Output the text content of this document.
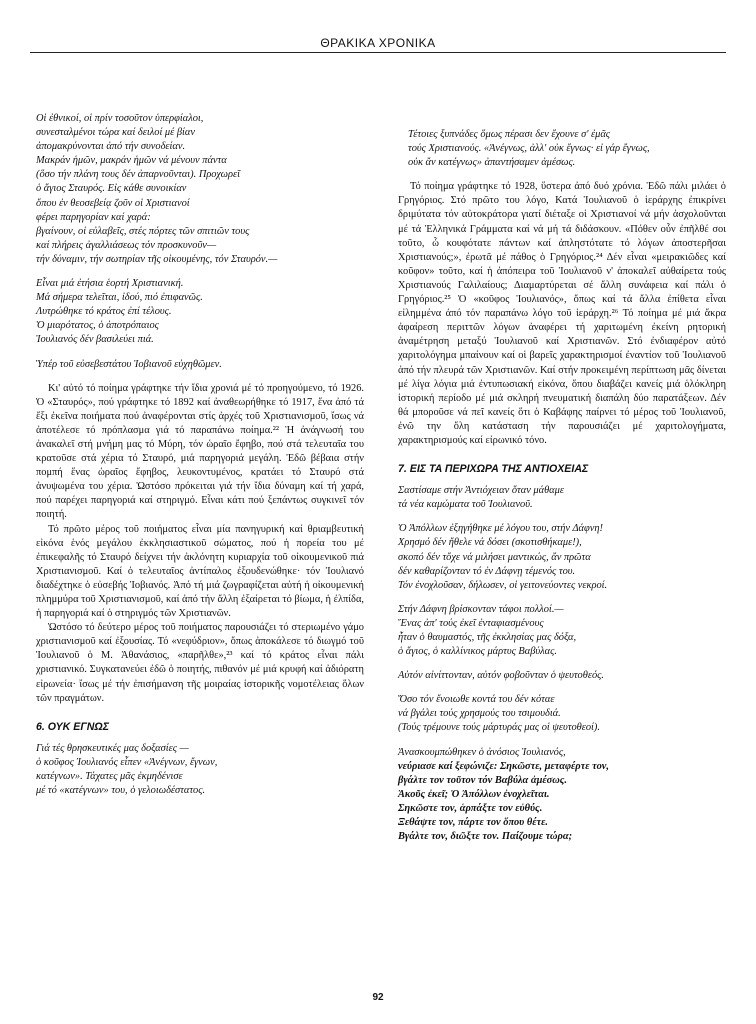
ΘΡΑΚΙΚΑ ΧΡΟΝΙΚΑ
Οἱ ἐθνικοί, οἱ πρίν τοσοῦτον ὑπερφίαλοι,
συνεσταλμένοι τώρα καί δειλοί μέ βίαν
ἀπομακρύνονται ἀπό τήν συνοδείαν.
Μακράν ἡμῶν, μακράν ἡμῶν νά μένουν πάντα
(ὅσο τήν πλάνη τους δέν ἀπαρνοῦνται). Προχωρεῖ
ὁ ἅγιος Σταυρός. Εἰς κάθε συνοικίαν
ὅπου ἐν θεοσεβείᾳ ζοῦν οἱ Χριστιανοί
φέρει παρηγορίαν καί χαρά:
βγαίνουν, οἱ εὐλαβεῖς, στές πόρτες τῶν σπιτιῶν τους
καί πλήρεις ἀγαλλιάσεως τόν προσκυνοῦν—
τήν δύναμιν, τήν σωτηρίαν τῆς οἰκουμένης, τόν Σταυρόν.—
Εἶναι μιά ἐτήσια ἑορτή Χριστιανική.
Μά σήμερα τελεῖται, ἰδού, πιό ἐπιφανῶς.
Λυτρώθηκε τό κράτος ἐπί τέλους.
Ὁ μιαρότατος, ὁ ἀποτρόπαιος
Ἰουλιανός δέν βασιλεύει πιά.
Ὑπέρ τοῦ εὐσεβεστάτου Ἰοβιανοῦ εὐχηθῶμεν.

Κι' αὐτό τό ποίημα γράφτηκε τήν ἴδια χρονιά μέ τό προηγούμενο, τό 1926. Ὁ «Σταυρός», πού γράφτηκε τό 1892 καί ἀναθεωρήθηκε τό 1917, ἕνα ἀπό τά ἔξι ἐκεῖνα ποιήματα πού ἀναφέρονται στίς ἀρχές τοῦ Χριστιανισμοῦ, ἴσως νά ἀποτέλεσε τό πρόπλασμα γιά τό παραπάνω ποίημα.²² Ἡ ἀνάγνωσή του ἀνακαλεῖ στή μνήμη μας τό Μύρη, τόν ὡραῖο ἔφηβο, πού στά τελευταῖα του κρατοῦσε στά χέρια τό Σταυρό, μιά παρηγοριά μεγάλη. Ἐδῶ βέβαια στήν πομπή ἕνας ὡραῖος ἔφηβος, λευκοντυμένος, κρατάει τό Σταυρό στά ἀνυψωμένα του χέρια. Ὡστόσο πρόκειται γιά τήν ἴδια δύναμη καί τή χαρά, πού παρέχει παρηγοριά καί στηριγμό. Εἶναι κάτι πού ξεπάντως συγκινεῖ τόν ποιητή.

Τό πρῶτο μέρος τοῦ ποιήματος εἶναι μία πανηγυρική καί θριαμβευτική εἰκόνα ἑνός μεγάλου ἐκκλησιαστικοῦ σώματος, πού ἡ πορεία του μέ ἐπικεφαλῆς τό Σταυρό δείχνει τήν ἀκλόνητη κυριαρχία τοῦ οἰκουμενικοῦ πιά Χριστιανισμοῦ. Καί ὁ τελευταῖος ἀντίπαλος ἐξουδενώθηκε· τόν Ἰουλιανό διαδέχτηκε ὁ εὐσεβής Ἰοβιανός. Ἀπό τή μιά ζωγραφίζεται αὐτή ἡ οἰκουμενική πλημμύρα τοῦ Χριστιανισμοῦ, καί ἀπό τήν ἄλλη ἐξαίρεται τό βίωμα, ἡ ἐλπίδα, ἡ παρηγοριά καί ὁ στηριγμός τῶν Χριστιανῶν.

Ὡστόσο τό δεύτερο μέρος τοῦ ποιήματος παρουσιάζει τό στεριωμένο γάμο χριστιανισμοῦ καί ἐξουσίας. Τό «νεφύδριον», ὅπως ἀποκάλεσε τό διωγμό τοῦ Ἰουλιανοῦ ὁ Μ. Ἀθανάσιος, «παρῆλθε»,²³ καί τό κράτος εἶναι πάλι χριστιανικό. Συγκατανεύει ἐδῶ ὁ ποιητής, πιθανόν μέ μιά κρυφή καί ἀδιόρατη εἰρωνεία· ἴσως μέ τήν ἐπισήμανση τῆς μοιραίας ἱστορικῆς νομοτέλειας ὅλων τῶν πραγμάτων.

6. ΟΥΚ ΕΓΝΩΣ
Γιά τές θρησκευτικές μας δοξασίες —
ὁ κοῦφος Ἰουλιανός εἶπεν «Ἀνέγνων, ἔγνων,
κατέγνων». Τάχατες μᾶς ἐκμηδένισε
μέ τό «κατέγνων» του, ὁ γελοιωδέστατος.
Τέτοιες ξυπνάδες ὅμως πέρασι δεν ἔχουνε σ' ἐμᾶς
τούς Χριστιανούς. «Ἀνέγνως, ἀλλ' οὐκ ἔγνως· εἰ γάρ ἔγνως,
οὐκ ἄν κατέγνως» ἀπαντήσαμεν ἀμέσως.

Τό ποίημα γράφτηκε τό 1928, ὕστερα ἀπό δυό χρόνια. Ἐδῶ πάλι μιλάει ὁ Γρηγόριος. Στό πρῶτο του λόγο, Κατά Ἰουλιανοῦ ὁ ἱεράρχης ἐπικρίνει δριμύτατα τόν αὐτοκράτορα γιατί διέταξε οἱ Χριστιανοί νά μήν ἀσχολοῦνται μέ τά Ἑλληνικά Γράμματα καί νά μή τά διδάσκουν. «Πόθεν οὖν ἐπῆλθέ σοι τοῦτο, ὦ κουφότατε πάντων καί ἀπληστότατε τό λόγων ἀποστερῆσαι Χριστιανούς;», ἐρωτᾶ μέ πάθος ὁ Γρηγόριος.²⁴ Δέν εἶναι «μειρακιῶδες καί κοῦφον» τοῦτο, καί ἡ ἀπόπειρα τοῦ Ἰουλιανοῦ ν' ἀποκαλεῖ αὐθαίρετα τούς Χριστιανούς Γαλιλαίους; Διαμαρτύρεται σέ ἄλλη συνάφεια καί πάλι ὁ Γρηγόριος.²⁵ Ὁ «κοῦφος Ἰουλιανός», ὅπως καί τά ἄλλα ἐπίθετα εἶναι εἰλημμένα ἀπό τόν παραπάνω λόγο τοῦ ἱεράρχη.²⁶ Τό ποίημα μέ μιά ἄκρα ἀφαίρεση περιττῶν λόγων ἀναφέρει τή χαριτωμένη ἐκείνη ρητορική ἀναμέτρηση μεταξύ Ἰουλιανοῦ καί Χριστιανῶν. Στό ἐνδιαφέρον αὐτό χαριτολόγημα μπαίνουν καί οἱ βαρεῖς χαρακτηρισμοί ἐναντίον τοῦ Ἰουλιανοῦ ἀπό τήν πλευρά τῶν Χριστιανῶν. Καί στήν προκειμένη περίπτωση μᾶς δίνεται μέ λίγα λόγια μιά ἐντυπωσιακή εἰκόνα, ὅπου διαβάζει κανείς μιά ὁλόκληρη ἱστορική περίοδο μέ μιά σκληρή πνευματική διαπάλη δύο παρατάξεων. Δέν θά μποροῦσε νά πεῖ κανείς ὅτι ὁ Καβάφης παίρνει τό μέρος τοῦ Ἰουλιανοῦ, ἐνῶ την ὅλη κατάσταση τήν παρουσιάζει μέ χαριτολογήματα, χαρακτηρισμούς καί εἰρωνικό τόνο.

7. ΕΙΣ ΤΑ ΠΕΡΙΧΩΡΑ ΤΗΣ ΑΝΤΙΟΧΕΙΑΣ
Σαστίσαμε στήν Ἀντιόχειαν ὅταν μάθαμε
τά νέα καμώματα τοῦ Ἰουλιανοῦ.
Ὁ Ἀπόλλων ἐξηγήθηκε μέ λόγου του, στήν Δάφνη!
Χρησμό δέν ἤθελε νά δόσει (σκοτισθήκαμε!),
σκοπό δέν τὄχε νά μιλήσει μαντικώς, ἄν πρῶτα
δέν καθαρίζονταν τό ἐν Δάφνῃ τέμενός του.
Τόν ἐνοχλοῦσαν, δήλωσεν, οἱ γειτονεύοντες νεκροί.
Στήν Δάφνη βρίσκονταν τάφοι πολλοί.—
Ἕνας ἀπ' τούς ἐκεῖ ἐνταφιασμένους
ἦταν ὁ θαυμαστός, τῆς ἐκκλησίας μας δόξα,
ὁ ἅγιος, ὁ καλλίνικος μάρτυς Βαβύλας.
Αὐτόν αἰνίττονταν, αὐτόν φοβοῦνταν ὁ ψευτοθεός.
Ὅσο τόν ἔνοιωθε κοντά του δέν κόταε
νά βγάλει τούς χρησμούς του τσιμουδιά.
(Τούς τρέμουνε τούς μάρτυράς μας οἱ ψευτοθεοί).
Ἀνασκουμπώθηκεν ὁ ἀνόσιος Ἰουλιανός,
νεύριασε καί ξεφώνιζε: Σηκῶστε, μεταφέρτε τον,
βγάλτε τον τοῦτον τόν Βαβύλα ἀμέσως.
Ἀκοῦς ἐκεῖ; Ὁ Ἀπόλλων ἐνοχλεῖται.
Σηκῶστε τον, ἁρπάξτε τον εὐθύς.
Ξεθάψτε τον, πάρτε τον ὅπου θέτε.
Βγάλτε τον, διῶξτε τον. Παίζουμε τώρα;
92
